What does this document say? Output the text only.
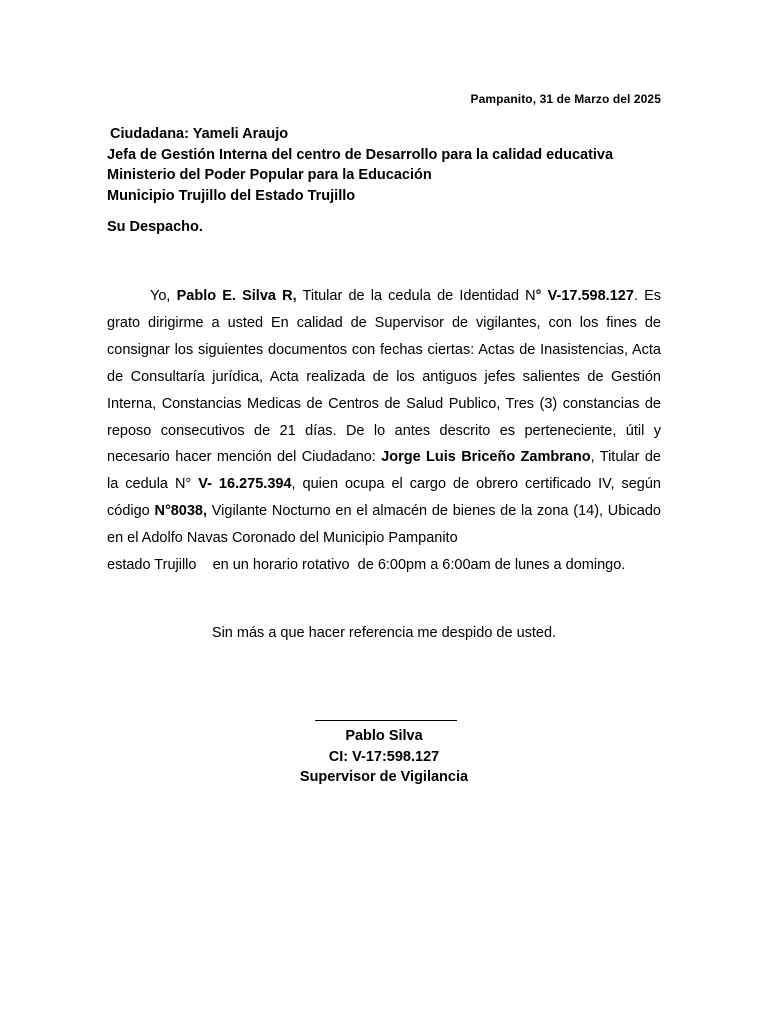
Pampanito, 31 de Marzo del 2025
Ciudadana: Yameli Araujo
Jefa de Gestión Interna del centro de Desarrollo para la calidad educativa
Ministerio del Poder Popular para la Educación
Municipio Trujillo del Estado Trujillo
Su Despacho.
Yo, Pablo E. Silva R, Titular de la cedula de Identidad N° V-17.598.127. Es grato dirigirme a usted En calidad de Supervisor de vigilantes, con los fines de consignar los siguientes documentos con fechas ciertas: Actas de Inasistencias, Acta de Consultaría jurídica, Acta realizada de los antiguos jefes salientes de Gestión Interna, Constancias Medicas de Centros de Salud Publico, Tres (3) constancias de reposo consecutivos de 21 días. De lo antes descrito es perteneciente, útil y necesario hacer mención del Ciudadano: Jorge Luis Briceño Zambrano, Titular de la cedula N° V- 16.275.394, quien ocupa el cargo de obrero certificado IV, según código N°8038, Vigilante Nocturno en el almacén de bienes de la zona (14), Ubicado en el Adolfo Navas Coronado del Municipio Pampanito
estado Trujillo    en un horario rotativo  de 6:00pm a 6:00am de lunes a domingo.
Sin más a que hacer referencia me despido de usted.
Pablo Silva
CI: V-17:598.127
Supervisor de Vigilancia
